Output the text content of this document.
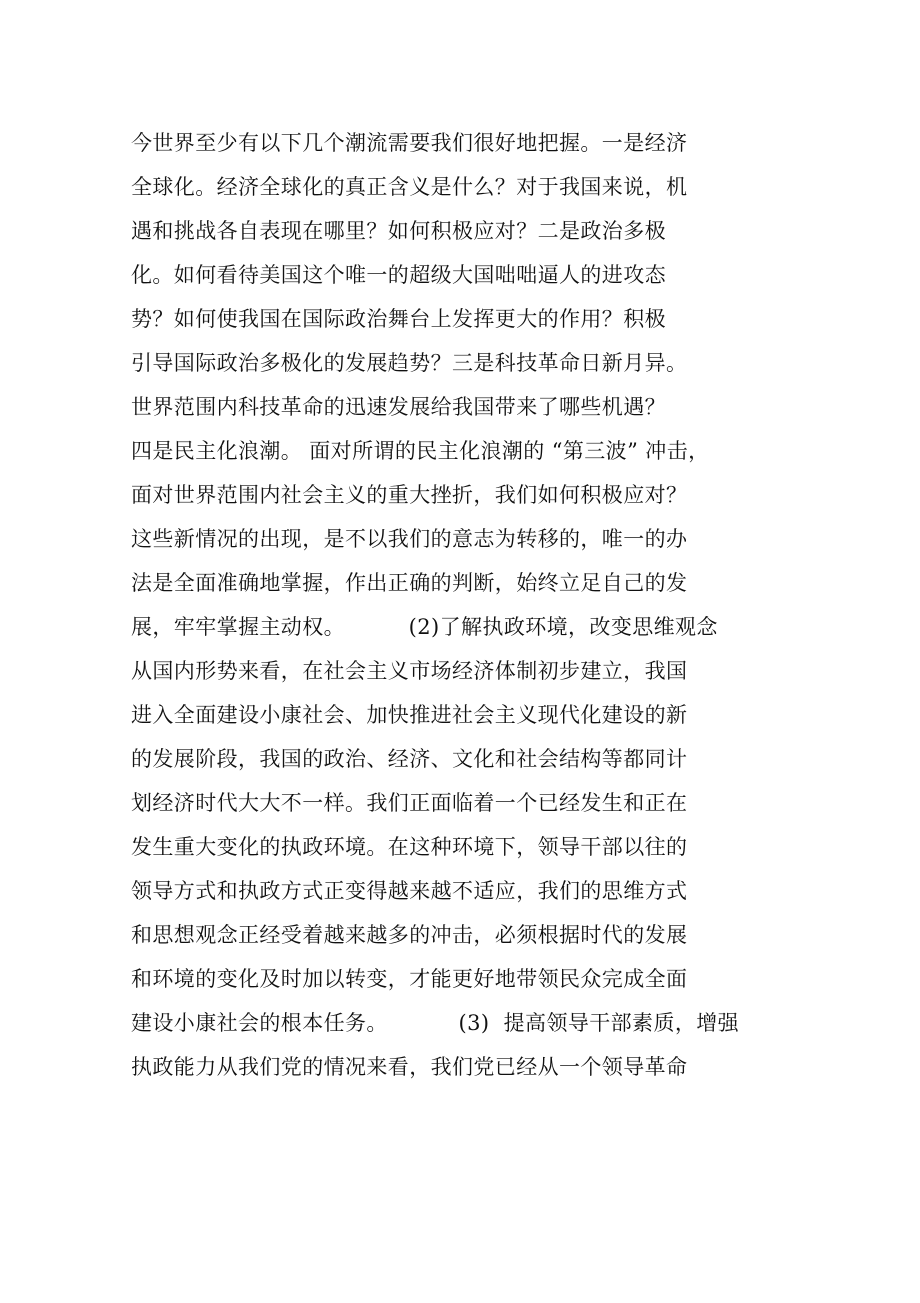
今世界至少有以下几个潮流需要我们很好地把握。一是经济
全球化。经济全球化的真正含义是什么？对于我国来说，机
遇和挑战各自表现在哪里？如何积极应对？二是政治多极
化。如何看待美国这个唯一的超级大国咄咄逼人的进攻态
势？如何使我国在国际政治舞台上发挥更大的作用？积极
引导国际政治多极化的发展趋势？三是科技革命日新月异。
世界范围内科技革命的迅速发展给我国带来了哪些机遇？
四是民主化浪潮。 面对所谓的民主化浪潮的 “第三波” 冲击，
面对世界范围内社会主义的重大挫折，我们如何积极应对？
这些新情况的出现，是不以我们的意志为转移的，唯一的办
法是全面准确地掌握，作出正确的判断，始终立足自己的发
展，牢牢掌握主动权。         (2)了解执政环境，改变思维观念
从国内形势来看，在社会主义市场经济体制初步建立，我国
进入全面建设小康社会、加快推进社会主义现代化建设的新
的发展阶段，我国的政治、经济、文化和社会结构等都同计
划经济时代大大不一样。我们正面临着一个已经发生和正在
发生重大变化的执政环境。在这种环境下，领导干部以往的
领导方式和执政方式正变得越来越不适应，我们的思维方式
和思想观念正经受着越来越多的冲击，必须根据时代的发展
和环境的变化及时加以转变，才能更好地带领民众完成全面
建设小康社会的根本任务。          (3)  提高领导干部素质，增强
执政能力从我们党的情况来看，我们党已经从一个领导革命
